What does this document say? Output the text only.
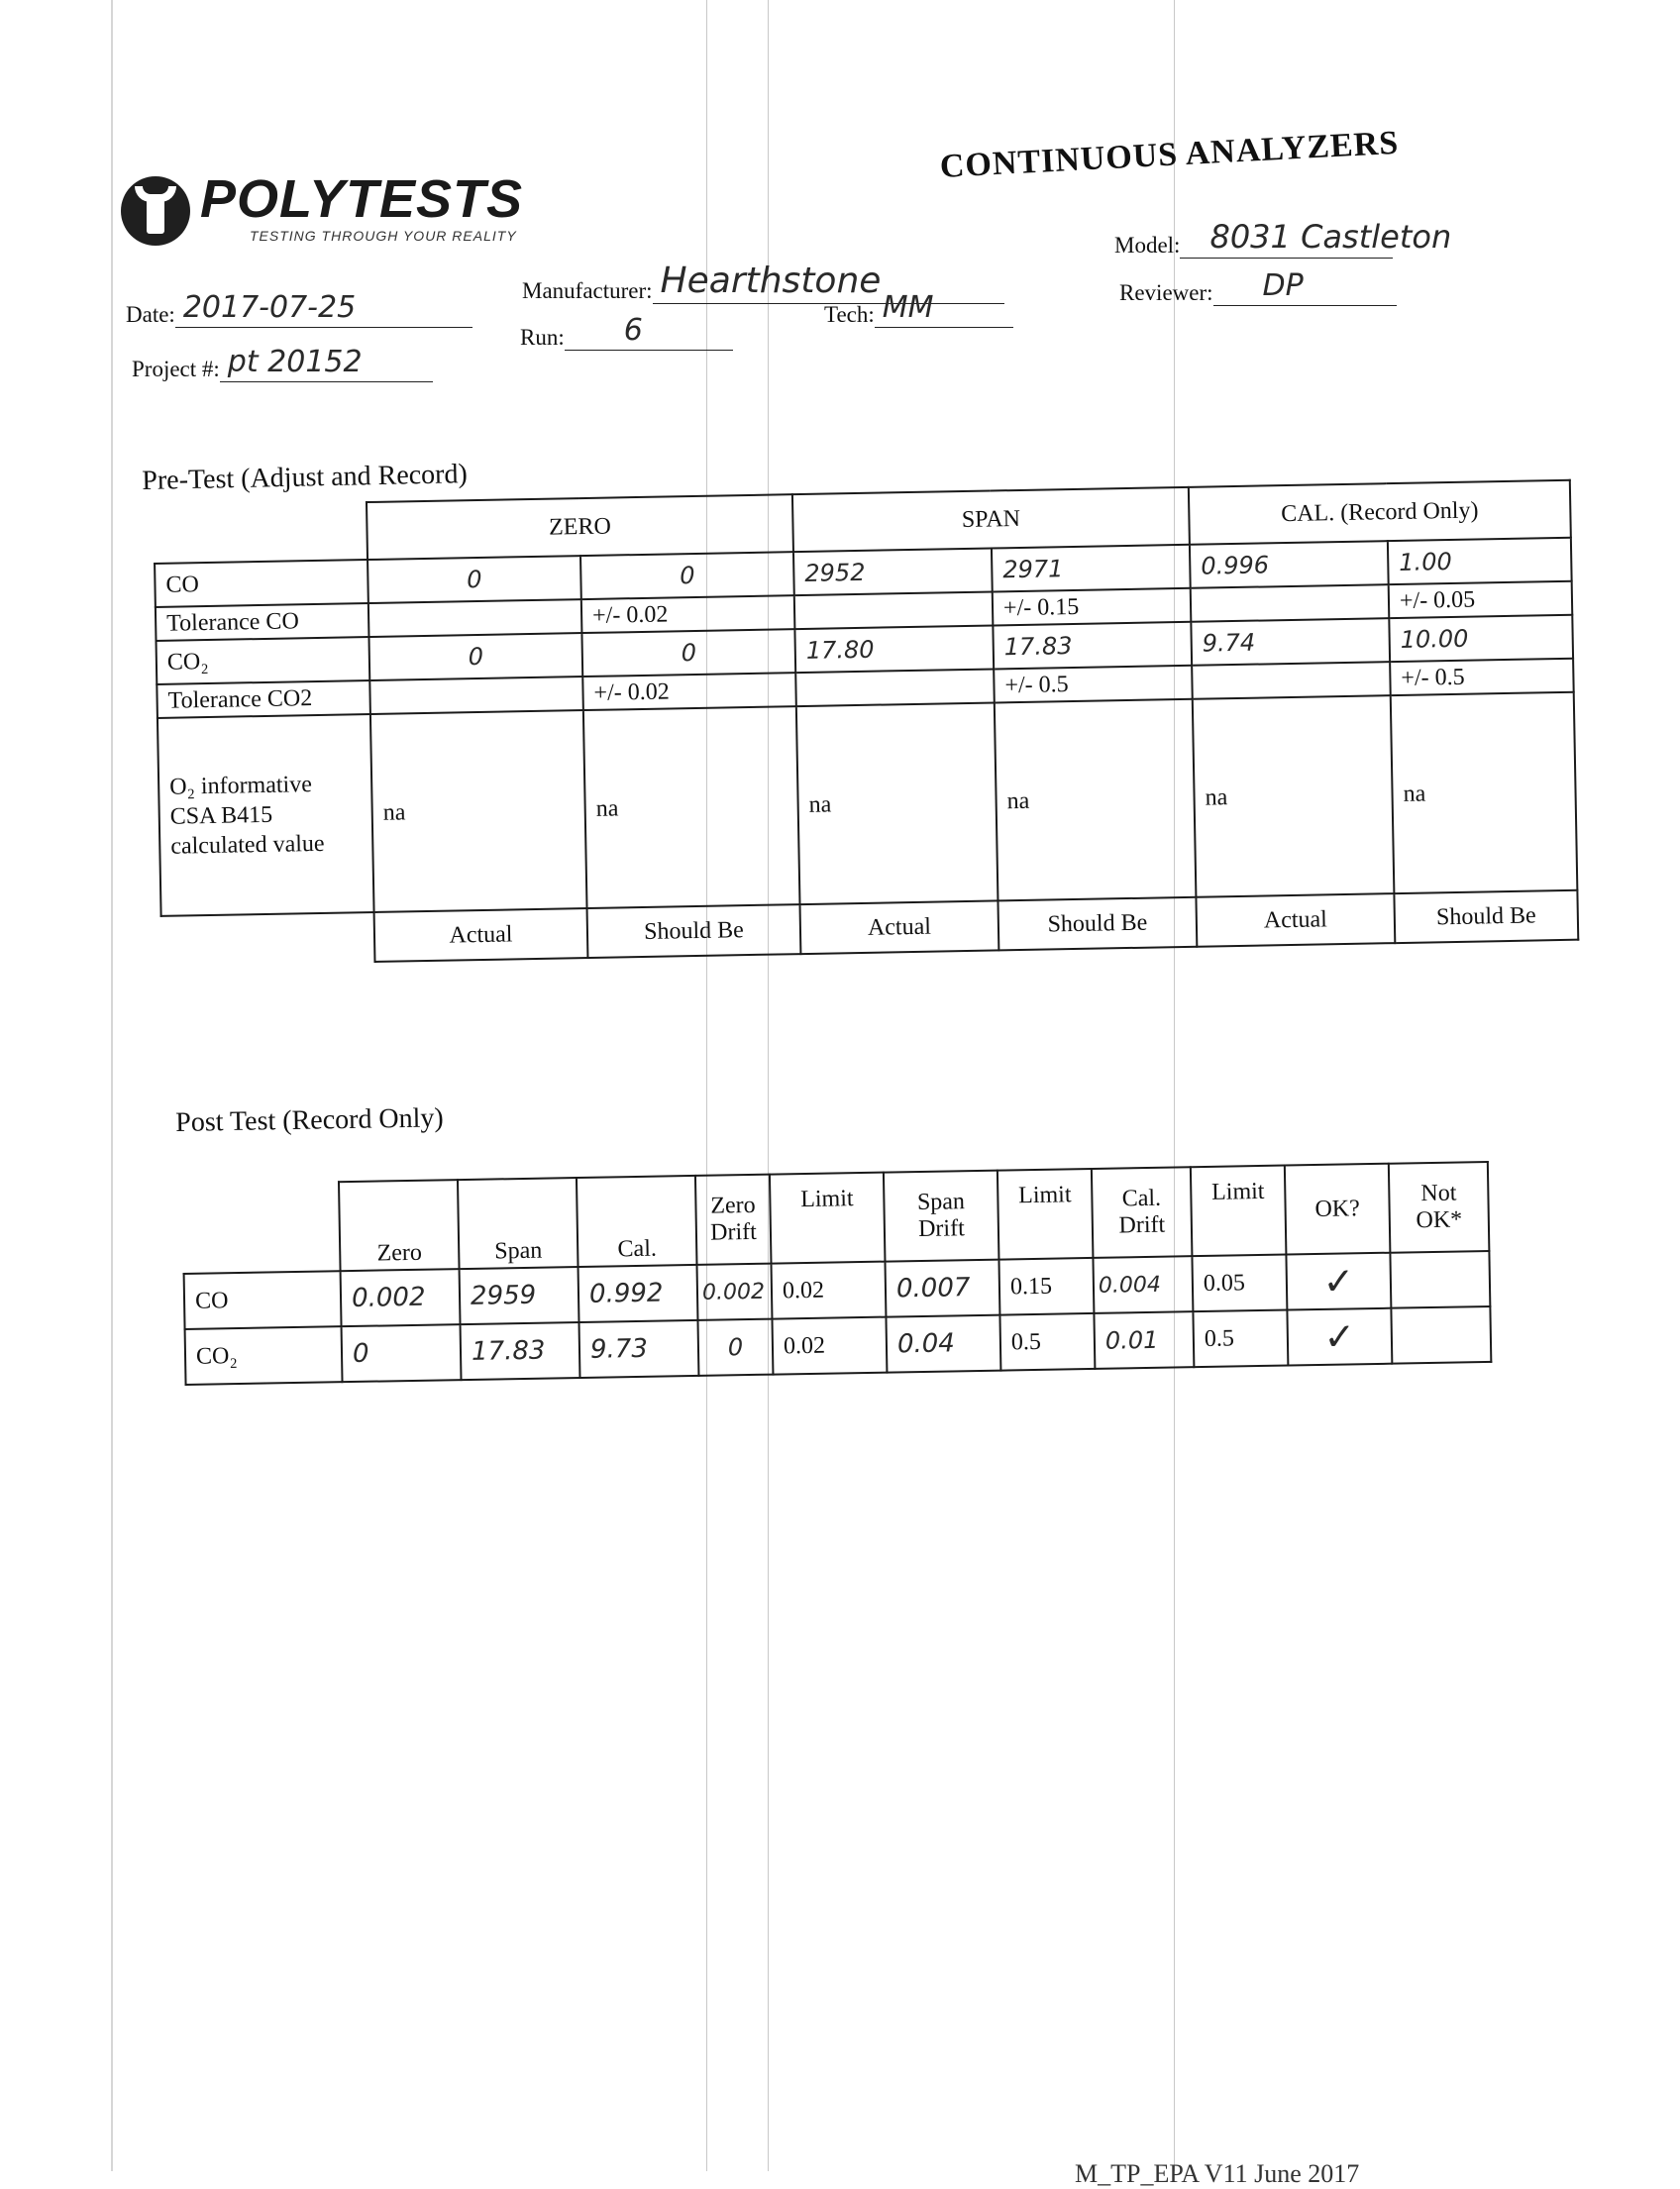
POLYTESTS
TESTING THROUGH YOUR REALITY
CONTINUOUS ANALYZERS
Date: 2017-07-25
Project #: pt 20152
Manufacturer: Hearthstone
Run: 6	Tech: MM
Model: 8031 Castleton
Reviewer: DP
Pre-Test (Adjust and Record)
	ZERO		SPAN		CAL. (Record Only)	
CO	0	0	2952	2971	0.996	1.00
Tolerance CO		+/- 0.02		+/- 0.15		+/- 0.05
CO₂	0	0	17.80	17.83	9.74	10.00
Tolerance CO2		+/- 0.02		+/- 0.5		+/- 0.5
O₂ informative CSA B415 calculated value	na	na	na	na	na	na
	Actual	Should Be	Actual	Should Be	Actual	Should Be
Post Test (Record Only)
	Zero	Span	Cal.	Zero Drift	Limit	Span Drift	Limit	Cal. Drift	Limit	OK?	Not OK*
CO	0.002	2959	0.992	0.002	0.02	0.007	0.15	0.004	0.05	✓	
CO₂	0	17.83	9.73	0	0.02	0.04	0.5	0.01	0.5	✓	
M_TP_EPA V11 June 2017
